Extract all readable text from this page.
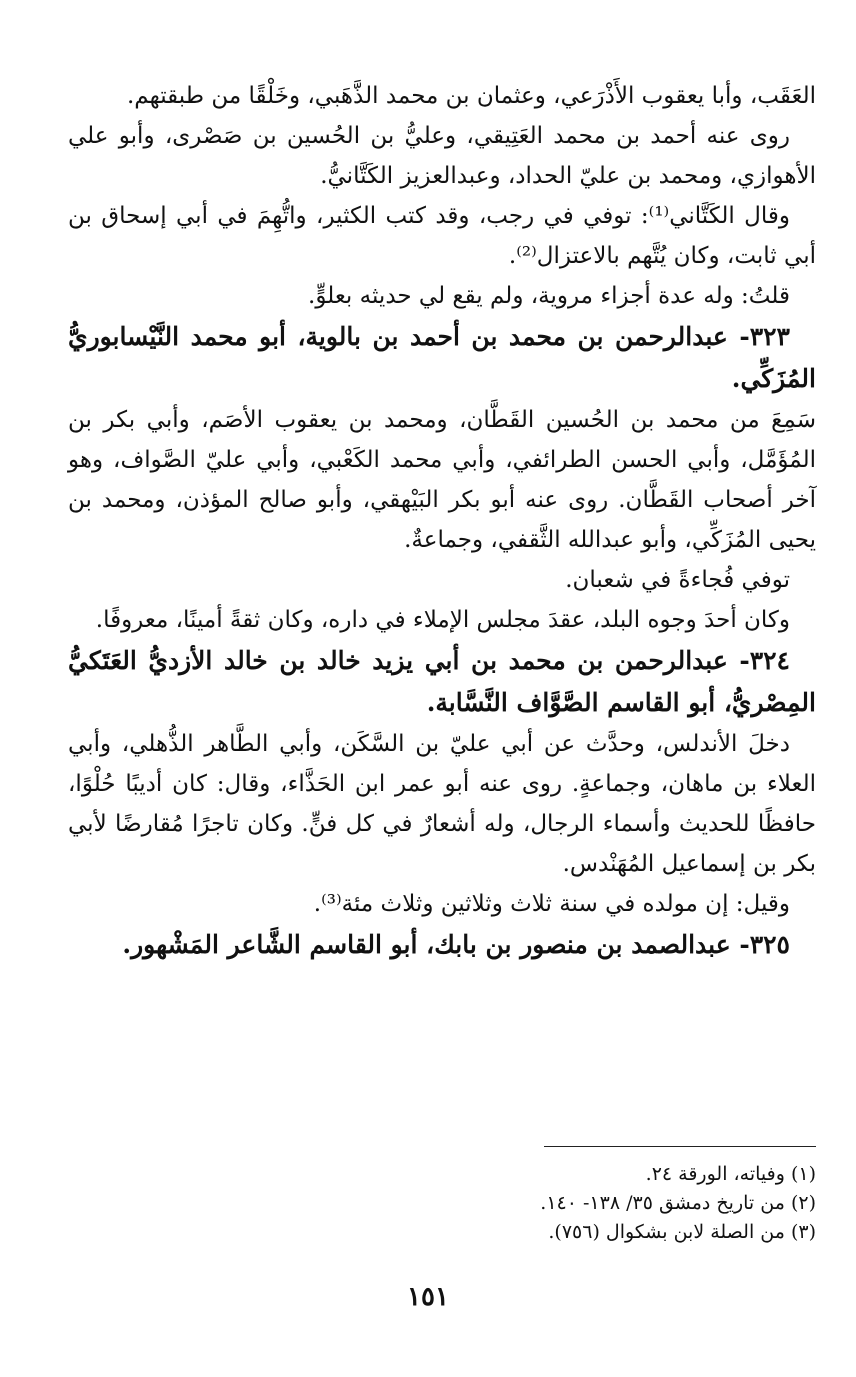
العَقَب، وأبا يعقوب الأَذْرَعي، وعثمان بن محمد الذَّهَبي، وخَلْقًا من طبقتهم.

روى عنه أحمد بن محمد العَتِيقي، وعليُّ بن الحُسين بن صَصْرى، وأبو علي الأهوازي، ومحمد بن عليّ الحداد، وعبدالعزيز الكَتَّانيُّ.

وقال الكَتَّاني⁽¹⁾: توفي في رجب، وقد كتب الكثير، واتُّهِمَ في أبي إسحاق بن أبي ثابت، وكان يُتَّهم بالاعتزال⁽²⁾.

قلتُ: وله عدة أجزاء مروية، ولم يقع لي حديثه بعلوٍّ.

٣٢٣- عبدالرحمن بن محمد بن أحمد بن بالوية، أبو محمد النَّيْسابوريُّ المُزَكِّي.

سَمِعَ من محمد بن الحُسين القَطَّان، ومحمد بن يعقوب الأصَم، وأبي بكر بن المُؤَمَّل، وأبي الحسن الطرائفي، وأبي محمد الكَعْبي، وأبي عليّ الصَّواف، وهو آخر أصحاب القَطَّان. روى عنه أبو بكر البَيْهقي، وأبو صالح المؤذن، ومحمد بن يحيى المُزَكِّي، وأبو عبدالله الثَّقفي، وجماعةٌ.

توفي فُجاءةً في شعبان.

وكان أحدَ وجوه البلد، عقدَ مجلس الإملاء في داره، وكان ثقةً أمينًا، معروفًا.

٣٢٤- عبدالرحمن بن محمد بن أبي يزيد خالد بن خالد الأزديُّ العَتَكيُّ المِصْريُّ، أبو القاسم الصَّوَّاف النَّسَّابة.

دخلَ الأندلس، وحدَّث عن أبي عليّ بن السَّكَن، وأبي الطَّاهر الذُّهلي، وأبي العلاء بن ماهان، وجماعةٍ. روى عنه أبو عمر ابن الحَذَّاء، وقال: كان أديبًا حُلْوًا، حافظًا للحديث وأسماء الرجال، وله أشعارٌ في كل فنٍّ. وكان تاجرًا مُقارضًا لأبي بكر بن إسماعيل المُهَنْدس.

وقيل: إن مولده في سنة ثلاث وثلاثين وثلاث مئة⁽³⁾.

٣٢٥- عبدالصمد بن منصور بن بابك، أبو القاسم الشَّاعر المَشْهور.

(١) وفياته، الورقة ٢٤.
(٢) من تاريخ دمشق ٣٥/ ١٣٨- ١٤٠.
(٣) من الصلة لابن بشكوال (٧٥٦).
١٥١
